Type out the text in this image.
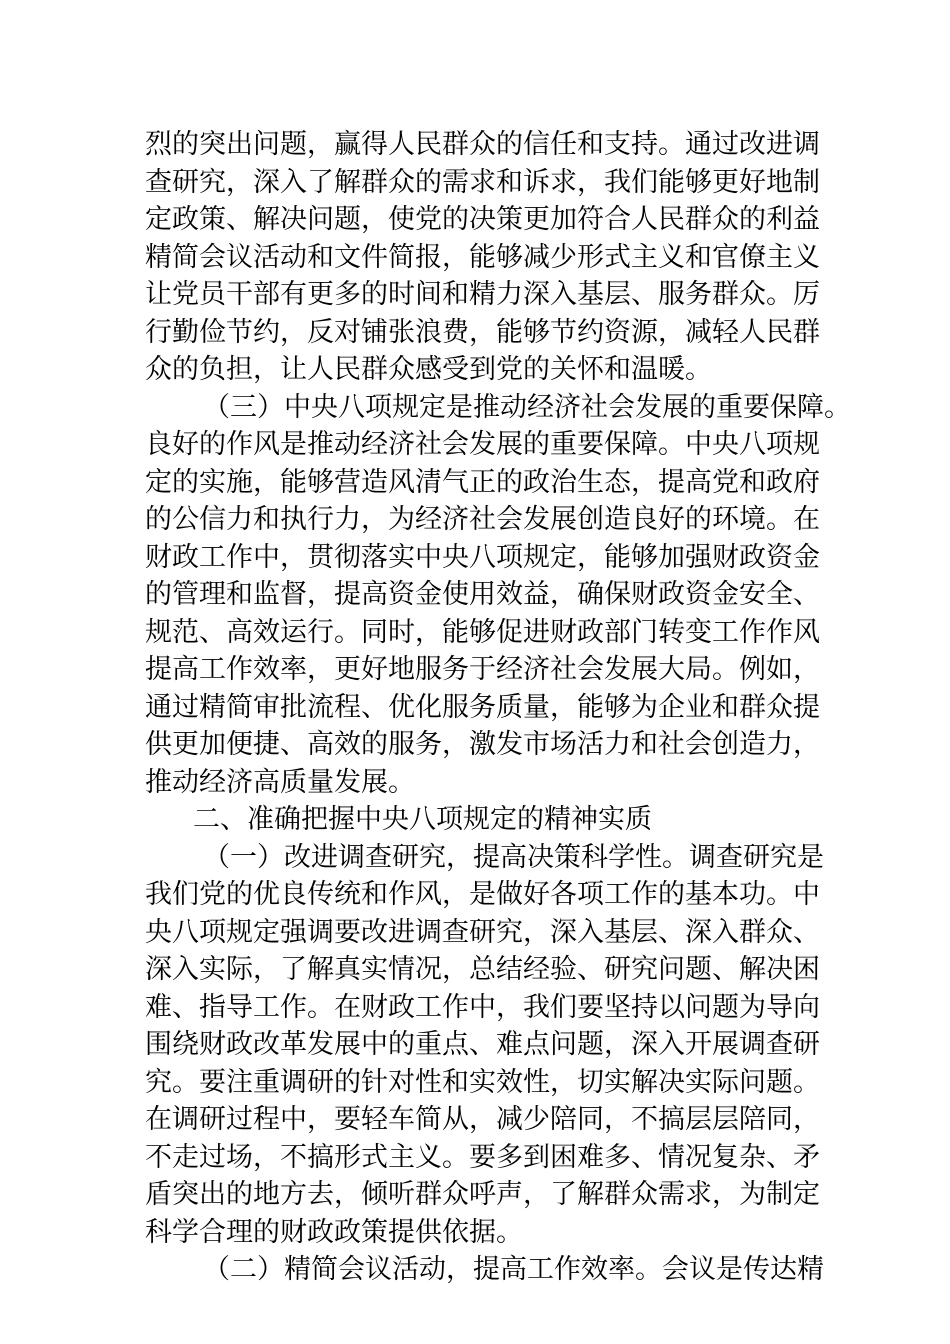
烈的突出问题，赢得人民群众的信任和支持。通过改进调
查研究，深入了解群众的需求和诉求，我们能够更好地制
定政策、解决问题，使党的决策更加符合人民群众的利益
精简会议活动和文件简报，能够减少形式主义和官僚主义
让党员干部有更多的时间和精力深入基层、服务群众。厉
行勤俭节约，反对铺张浪费，能够节约资源，减轻人民群
众的负担，让人民群众感受到党的关怀和温暖。
（三）中央八项规定是推动经济社会发展的重要保障。
良好的作风是推动经济社会发展的重要保障。中央八项规
定的实施，能够营造风清气正的政治生态，提高党和政府
的公信力和执行力，为经济社会发展创造良好的环境。在
财政工作中，贯彻落实中央八项规定，能够加强财政资金
的管理和监督，提高资金使用效益，确保财政资金安全、
规范、高效运行。同时，能够促进财政部门转变工作作风
提高工作效率，更好地服务于经济社会发展大局。例如，
通过精简审批流程、优化服务质量，能够为企业和群众提
供更加便捷、高效的服务，激发市场活力和社会创造力，
推动经济高质量发展。
二、准确把握中央八项规定的精神实质
（一）改进调查研究，提高决策科学性。调查研究是
我们党的优良传统和作风，是做好各项工作的基本功。中
央八项规定强调要改进调查研究，深入基层、深入群众、
深入实际，了解真实情况，总结经验、研究问题、解决困
难、指导工作。在财政工作中，我们要坚持以问题为导向
围绕财政改革发展中的重点、难点问题，深入开展调查研
究。要注重调研的针对性和实效性，切实解决实际问题。
在调研过程中，要轻车简从，减少陪同，不搞层层陪同，
不走过场，不搞形式主义。要多到困难多、情况复杂、矛
盾突出的地方去，倾听群众呼声，了解群众需求，为制定
科学合理的财政政策提供依据。
（二）精简会议活动，提高工作效率。会议是传达精
